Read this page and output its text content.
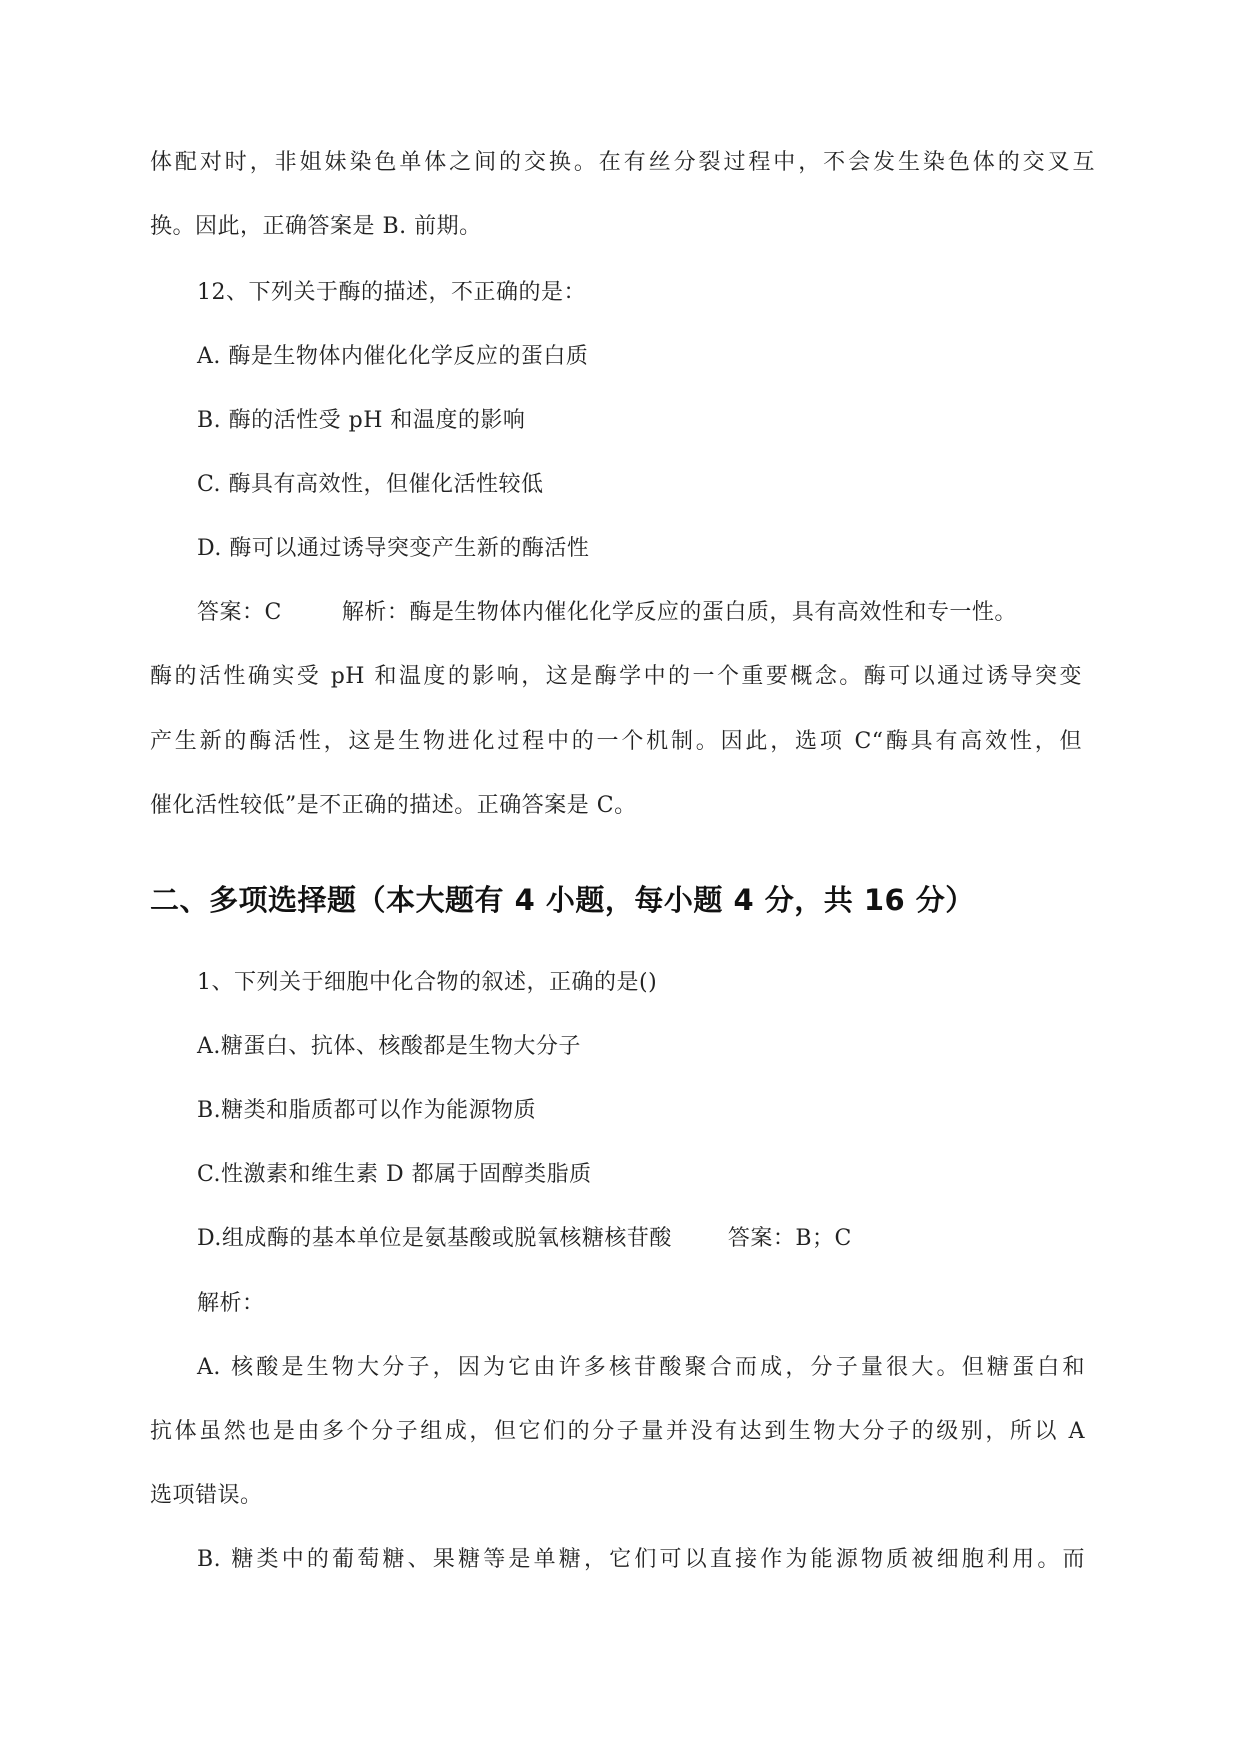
体配对时，非姐妹染色单体之间的交换。在有丝分裂过程中，不会发生染色体的交叉互
换。因此，正确答案是 B. 前期。
12、下列关于酶的描述，不正确的是：
A. 酶是生物体内催化化学反应的蛋白质
B. 酶的活性受 pH 和温度的影响
C. 酶具有高效性，但催化活性较低
D. 酶可以通过诱导突变产生新的酶活性
答案：C	解析：酶是生物体内催化化学反应的蛋白质，具有高效性和专一性。
酶的活性确实受 pH 和温度的影响，这是酶学中的一个重要概念。酶可以通过诱导突变
产生新的酶活性，这是生物进化过程中的一个机制。因此，选项 C“酶具有高效性，但
催化活性较低”是不正确的描述。正确答案是 C。
二、多项选择题（本大题有 4 小题，每小题 4 分，共 16 分）
1、下列关于细胞中化合物的叙述，正确的是()
A.糖蛋白、抗体、核酸都是生物大分子
B.糖类和脂质都可以作为能源物质
C.性激素和维生素 D 都属于固醇类脂质
D.组成酶的基本单位是氨基酸或脱氧核糖核苷酸	答案：B；C
解析：
A. 核酸是生物大分子，因为它由许多核苷酸聚合而成，分子量很大。但糖蛋白和
抗体虽然也是由多个分子组成，但它们的分子量并没有达到生物大分子的级别，所以 A
选项错误。
B. 糖类中的葡萄糖、果糖等是单糖，它们可以直接作为能源物质被细胞利用。而
